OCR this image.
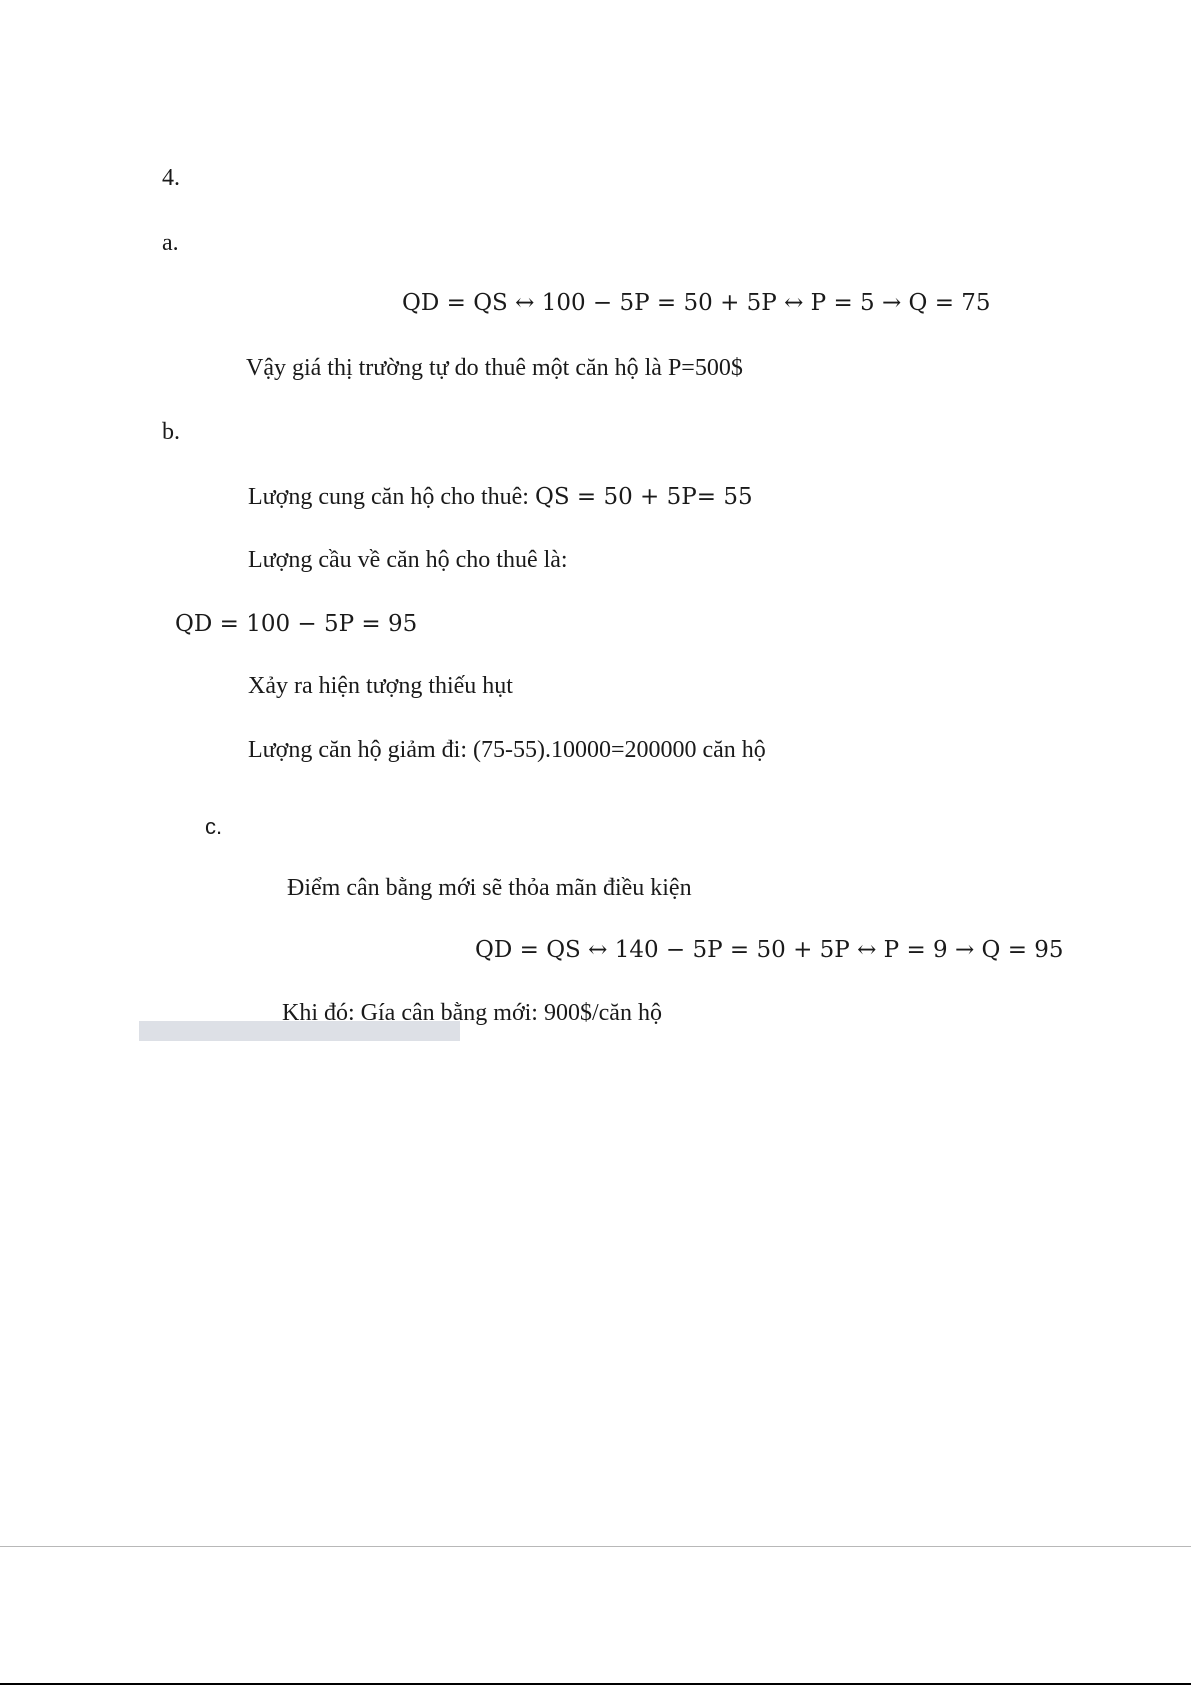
4.
a.
QD = QS ↔ 100 − 5P = 50 + 5P ↔ P = 5 → Q = 75
Vậy giá thị trường tự do thuê một căn hộ là P=500$
b.
Lượng cung căn hộ cho thuê: QS = 50 + 5P= 55
Lượng cầu về căn hộ cho thuê là:
QD = 100 − 5P = 95
Xảy ra hiện tượng thiếu hụt
Lượng căn hộ giảm đi: (75-55).10000=200000 căn hộ
c.
Điểm cân bằng mới sẽ thỏa mãn điều kiện
QD = QS ↔ 140 − 5P = 50 + 5P ↔ P = 9 → Q = 95
Khi đó: Gía cân bằng mới: 900$/căn hộ
